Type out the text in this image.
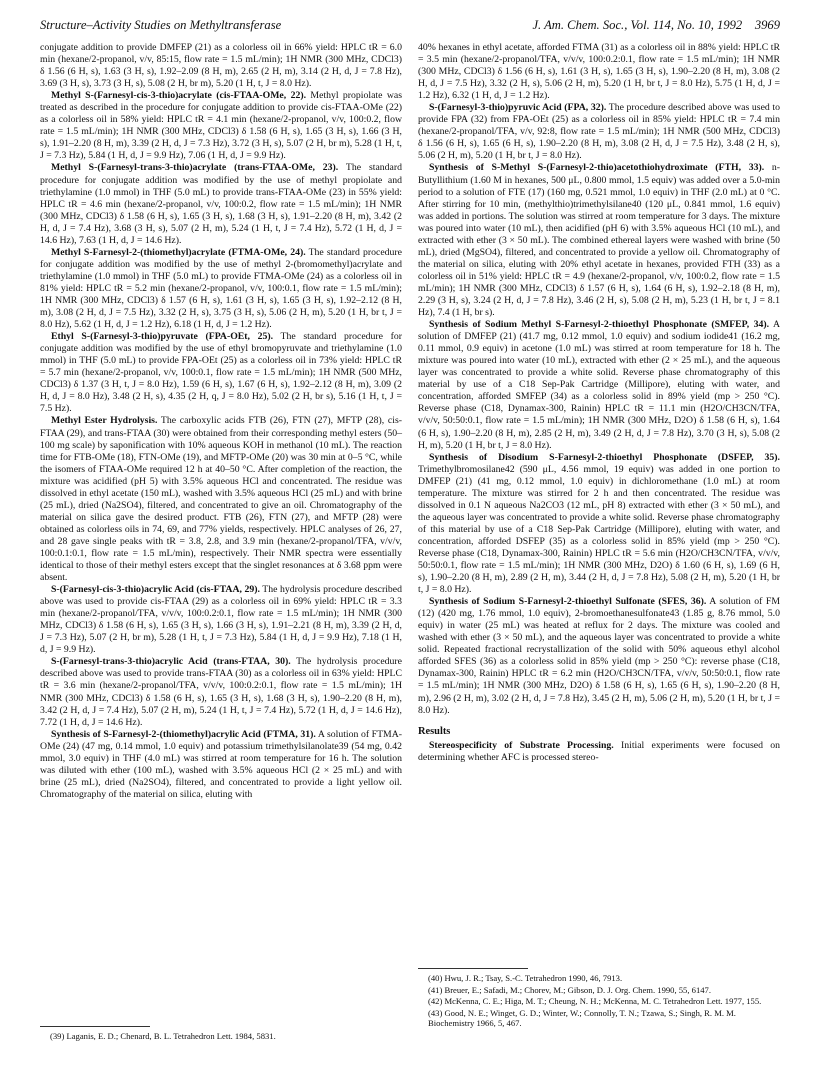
Structure–Activity Studies on Methyltransferase	J. Am. Chem. Soc., Vol. 114, No. 10, 1992 3969

conjugate addition to provide DMFEP (21) as a colorless oil in 66% yield: HPLC tR = 6.0 min (hexane/2-propanol, v/v, 85:15, flow rate = 1.5 mL/min); 1H NMR (300 MHz, CDCl3) δ 1.56 (6 H, s), 1.63 (3 H, s), 1.92–2.09 (8 H, m), 2.65 (2 H, m), 3.14 (2 H, d, J = 7.8 Hz), 3.69 (3 H, s), 3.73 (3 H, s), 5.08 (2 H, br m), 5.20 (1 H, t, J = 8.0 Hz).

Methyl S-(Farnesyl-cis-3-thio)acrylate (cis-FTAA-OMe, 22). Methyl propiolate was treated as described in the procedure for conjugate addition to provide cis-FTAA-OMe (22) as a colorless oil in 58% yield: HPLC tR = 4.1 min (hexane/2-propanol, v/v, 100:0.2, flow rate = 1.5 mL/min); 1H NMR (300 MHz, CDCl3) δ 1.58 (6 H, s), 1.65 (3 H, s), 1.66 (3 H, s), 1.91–2.20 (8 H, m), 3.39 (2 H, d, J = 7.3 Hz), 3.72 (3 H, s), 5.07 (2 H, br m), 5.28 (1 H, t, J = 7.3 Hz), 5.84 (1 H, d, J = 9.9 Hz), 7.06 (1 H, d, J = 9.9 Hz).

Methyl S-(Farnesyl-trans-3-thio)acrylate (trans-FTAA-OMe, 23). The standard procedure for conjugate addition was modified by the use of methyl propiolate and triethylamine (1.0 mmol) in THF (5.0 mL) to provide trans-FTAA-OMe (23) in 55% yield: HPLC tR = 4.6 min (hexane/2-propanol, v/v, 100:0.2, flow rate = 1.5 mL/min); 1H NMR (300 MHz, CDCl3) δ 1.58 (6 H, s), 1.65 (3 H, s), 1.68 (3 H, s), 1.91–2.20 (8 H, m), 3.42 (2 H, d, J = 7.4 Hz), 3.68 (3 H, s), 5.07 (2 H, m), 5.24 (1 H, t, J = 7.4 Hz), 5.72 (1 H, d, J = 14.6 Hz), 7.63 (1 H, d, J = 14.6 Hz).

Methyl S-Farnesyl-2-(thiomethyl)acrylate (FTMA-OMe, 24). The standard procedure for conjugate addition was modified by the use of methyl 2-(bromomethyl)acrylate and triethylamine (1.0 mmol) in THF (5.0 mL) to provide FTMA-OMe (24) as a colorless oil in 81% yield: HPLC tR = 5.2 min (hexane/2-propanol, v/v, 100:0.1, flow rate = 1.5 mL/min); 1H NMR (300 MHz, CDCl3) δ 1.57 (6 H, s), 1.61 (3 H, s), 1.65 (3 H, s), 1.92–2.12 (8 H, m), 3.08 (2 H, d, J = 7.5 Hz), 3.32 (2 H, s), 3.75 (3 H, s), 5.06 (2 H, m), 5.20 (1 H, br t, J = 8.0 Hz), 5.62 (1 H, d, J = 1.2 Hz), 6.18 (1 H, d, J = 1.2 Hz).

Ethyl S-(Farnesyl-3-thio)pyruvate (FPA-OEt, 25). The standard procedure for conjugate addition was modified by the use of ethyl bromopyruvate and triethylamine (1.0 mmol) in THF (5.0 mL) to provide FPA-OEt (25) as a colorless oil in 73% yield: HPLC tR = 5.7 min (hexane/2-propanol, v/v, 100:0.1, flow rate = 1.5 mL/min); 1H NMR (500 MHz, CDCl3) δ 1.37 (3 H, t, J = 8.0 Hz), 1.59 (6 H, s), 1.67 (6 H, s), 1.92–2.12 (8 H, m), 3.09 (2 H, d, J = 8.0 Hz), 3.48 (2 H, s), 4.35 (2 H, q, J = 8.0 Hz), 5.02 (2 H, br s), 5.16 (1 H, t, J = 7.5 Hz).

Methyl Ester Hydrolysis. The carboxylic acids FTB (26), FTN (27), MFTP (28), cis-FTAA (29), and trans-FTAA (30) were obtained from their corresponding methyl esters (50–100 mg scale) by saponification with 10% aqueous KOH in methanol (10 mL). The reaction time for FTB-OMe (18), FTN-OMe (19), and MFTP-OMe (20) was 30 min at 0–5 °C, while the isomers of FTAA-OMe required 12 h at 40–50 °C. After completion of the reaction, the mixture was acidified (pH 5) with 3.5% aqueous HCl and concentrated. The residue was dissolved in ethyl acetate (150 mL), washed with 3.5% aqueous HCl (25 mL) and with brine (25 mL), dried (Na2SO4), filtered, and concentrated to give an oil. Chromatography of the material on silica gave the desired product. FTB (26), FTN (27), and MFTP (28) were obtained as colorless oils in 74, 69, and 77% yields, respectively. HPLC analyses of 26, 27, and 28 gave single peaks with tR = 3.8, 2.8, and 3.9 min (hexane/2-propanol/TFA, v/v/v, 100:0.1:0.1, flow rate = 1.5 mL/min), respectively. Their NMR spectra were essentially identical to those of their methyl esters except that the singlet resonances at δ 3.68 ppm were absent.

S-(Farnesyl-cis-3-thio)acrylic Acid (cis-FTAA, 29). The hydrolysis procedure described above was used to provide cis-FTAA (29) as a colorless oil in 69% yield: HPLC tR = 3.3 min (hexane/2-propanol/TFA, v/v/v, 100:0.2:0.1, flow rate = 1.5 mL/min); 1H NMR (300 MHz, CDCl3) δ 1.58 (6 H, s), 1.65 (3 H, s), 1.66 (3 H, s), 1.91–2.21 (8 H, m), 3.39 (2 H, d, J = 7.3 Hz), 5.07 (2 H, br m), 5.28 (1 H, t, J = 7.3 Hz), 5.84 (1 H, d, J = 9.9 Hz), 7.18 (1 H, d, J = 9.9 Hz).

S-(Farnesyl-trans-3-thio)acrylic Acid (trans-FTAA, 30). The hydrolysis procedure described above was used to provide trans-FTAA (30) as a colorless oil in 63% yield: HPLC tR = 3.6 min (hexane/2-propanol/TFA, v/v/v, 100:0.2:0.1, flow rate = 1.5 mL/min); 1H NMR (300 MHz, CDCl3) δ 1.58 (6 H, s), 1.65 (3 H, s), 1.68 (3 H, s), 1.90–2.20 (8 H, m), 3.42 (2 H, d, J = 7.4 Hz), 5.07 (2 H, m), 5.24 (1 H, t, J = 7.4 Hz), 5.72 (1 H, d, J = 14.6 Hz), 7.72 (1 H, d, J = 14.6 Hz).

Synthesis of S-Farnesyl-2-(thiomethyl)acrylic Acid (FTMA, 31). A solution of FTMA-OMe (24) (47 mg, 0.14 mmol, 1.0 equiv) and potassium trimethylsilanolate39 (54 mg, 0.42 mmol, 3.0 equiv) in THF (4.0 mL) was stirred at room temperature for 16 h. The solution was diluted with ether (100 mL), washed with 3.5% aqueous HCl (2 × 25 mL) and with brine (25 mL), dried (Na2SO4), filtered, and concentrated to provide a light yellow oil. Chromatography of the material on silica, eluting with

40% hexanes in ethyl acetate, afforded FTMA (31) as a colorless oil in 88% yield: HPLC tR = 3.5 min (hexane/2-propanol/TFA, v/v/v, 100:0.2:0.1, flow rate = 1.5 mL/min); 1H NMR (300 MHz, CDCl3) δ 1.56 (6 H, s), 1.61 (3 H, s), 1.65 (3 H, s), 1.90–2.20 (8 H, m), 3.08 (2 H, d, J = 7.5 Hz), 3.32 (2 H, s), 5.06 (2 H, m), 5.20 (1 H, br t, J = 8.0 Hz), 5.75 (1 H, d, J = 1.2 Hz), 6.32 (1 H, d, J = 1.2 Hz).

S-(Farnesyl-3-thio)pyruvic Acid (FPA, 32). The procedure described above was used to provide FPA (32) from FPA-OEt (25) as a colorless oil in 85% yield: HPLC tR = 7.4 min (hexane/2-propanol/TFA, v/v, 92:8, flow rate = 1.5 mL/min); 1H NMR (500 MHz, CDCl3) δ 1.56 (6 H, s), 1.65 (6 H, s), 1.90–2.20 (8 H, m), 3.08 (2 H, d, J = 7.5 Hz), 3.48 (2 H, s), 5.06 (2 H, m), 5.20 (1 H, br t, J = 8.0 Hz).

Synthesis of S-Methyl S-(Farnesyl-2-thio)acetothiohydroximate (FTH, 33). n-Butyllithium (1.60 M in hexanes, 500 μL, 0.800 mmol, 1.5 equiv) was added over a 5.0-min period to a solution of FTE (17) (160 mg, 0.521 mmol, 1.0 equiv) in THF (2.0 mL) at 0 °C. After stirring for 10 min, (methylthio)trimethylsilane40 (120 μL, 0.841 mmol, 1.6 equiv) was added in portions. The solution was stirred at room temperature for 3 days. The mixture was poured into water (10 mL), then acidified (pH 6) with 3.5% aqueous HCl (10 mL), and extracted with ether (3 × 50 mL). The combined ethereal layers were washed with brine (50 mL), dried (MgSO4), filtered, and concentrated to provide a yellow oil. Chromatography of the material on silica, eluting with 20% ethyl acetate in hexanes, provided FTH (33) as a colorless oil in 51% yield: HPLC tR = 4.9 (hexane/2-propanol, v/v, 100:0.2, flow rate = 1.5 mL/min); 1H NMR (300 MHz, CDCl3) δ 1.57 (6 H, s), 1.64 (6 H, s), 1.92–2.18 (8 H, m), 2.29 (3 H, s), 3.24 (2 H, d, J = 7.8 Hz), 3.46 (2 H, s), 5.08 (2 H, m), 5.23 (1 H, br t, J = 8.1 Hz), 7.4 (1 H, br s).

Synthesis of Sodium Methyl S-Farnesyl-2-thioethyl Phosphonate (SMFEP, 34). A solution of DMFEP (21) (41.7 mg, 0.12 mmol, 1.0 equiv) and sodium iodide41 (16.2 mg, 0.11 mmol, 0.9 equiv) in acetone (1.0 mL) was stirred at room temperature for 18 h. The mixture was poured into water (10 mL), extracted with ether (2 × 25 mL), and the aqueous layer was concentrated to provide a white solid. Reverse phase chromatography of this material by use of a C18 Sep-Pak Cartridge (Millipore), eluting with water, and concentration, afforded SMFEP (34) as a colorless solid in 89% yield (mp > 250 °C). Reverse phase (C18, Dynamax-300, Rainin) HPLC tR = 11.1 min (H2O/CH3CN/TFA, v/v/v, 50:50:0.1, flow rate = 1.5 mL/min); 1H NMR (300 MHz, D2O) δ 1.58 (6 H, s), 1.64 (6 H, s), 1.90–2.20 (8 H, m), 2.85 (2 H, m), 3.49 (2 H, d, J = 7.8 Hz), 3.70 (3 H, s), 5.08 (2 H, m), 5.20 (1 H, br t, J = 8.0 Hz).

Synthesis of Disodium S-Farnesyl-2-thioethyl Phosphonate (DSFEP, 35). Trimethylbromosilane42 (590 μL, 4.56 mmol, 19 equiv) was added in one portion to DMFEP (21) (41 mg, 0.12 mmol, 1.0 equiv) in dichloromethane (1.0 mL) at room temperature. The mixture was stirred for 2 h and then concentrated. The residue was dissolved in 0.1 N aqueous Na2CO3 (12 mL, pH 8) extracted with ether (3 × 50 mL), and the aqueous layer was concentrated to provide a white solid. Reverse phase chromatography of this material by use of a C18 Sep-Pak Cartridge (Millipore), eluting with water, and concentration, afforded DSFEP (35) as a colorless solid in 85% yield (mp > 250 °C). Reverse phase (C18, Dynamax-300, Rainin) HPLC tR = 5.6 min (H2O/CH3CN/TFA, v/v/v, 50:50:0.1, flow rate = 1.5 mL/min); 1H NMR (300 MHz, D2O) δ 1.60 (6 H, s), 1.69 (6 H, s), 1.90–2.20 (8 H, m), 2.89 (2 H, m), 3.44 (2 H, d, J = 7.8 Hz), 5.08 (2 H, m), 5.20 (1 H, br t, J = 8.0 Hz).

Synthesis of Sodium S-Farnesyl-2-thioethyl Sulfonate (SFES, 36). A solution of FM (12) (420 mg, 1.76 mmol, 1.0 equiv), 2-bromoethanesulfonate43 (1.85 g, 8.76 mmol, 5.0 equiv) in water (25 mL) was heated at reflux for 2 days. The mixture was cooled and washed with ether (3 × 50 mL), and the aqueous layer was concentrated to provide a white solid. Repeated fractional recrystallization of the solid with 50% aqueous ethyl alcohol afforded SFES (36) as a colorless solid in 85% yield (mp > 250 °C): reverse phase (C18, Dynamax-300, Rainin) HPLC tR = 6.2 min (H2O/CH3CN/TFA, v/v/v, 50:50:0.1, flow rate = 1.5 mL/min); 1H NMR (300 MHz, D2O) δ 1.58 (6 H, s), 1.65 (6 H, s), 1.90–2.20 (8 H, m), 2.96 (2 H, m), 3.02 (2 H, d, J = 7.8 Hz), 3.45 (2 H, m), 5.06 (2 H, m), 5.20 (1 H, br t, J = 8.0 Hz).

Results

Stereospecificity of Substrate Processing. Initial experiments were focused on determining whether AFC is processed stereo-

(39) Laganis, E. D.; Chenard, B. L. Tetrahedron Lett. 1984, 5831.

(40) Hwu, J. R.; Tsay, S.-C. Tetrahedron 1990, 46, 7913.

(41) Breuer, E.; Safadi, M.; Chorev, M.; Gibson, D. J. Org. Chem. 1990, 55, 6147.

(42) McKenna, C. E.; Higa, M. T.; Cheung, N. H.; McKenna, M. C. Tetrahedron Lett. 1977, 155.

(43) Good, N. E.; Winget, G. D.; Winter, W.; Connolly, T. N.; Tzawa, S.; Singh, R. M. M. Biochemistry 1966, 5, 467.
